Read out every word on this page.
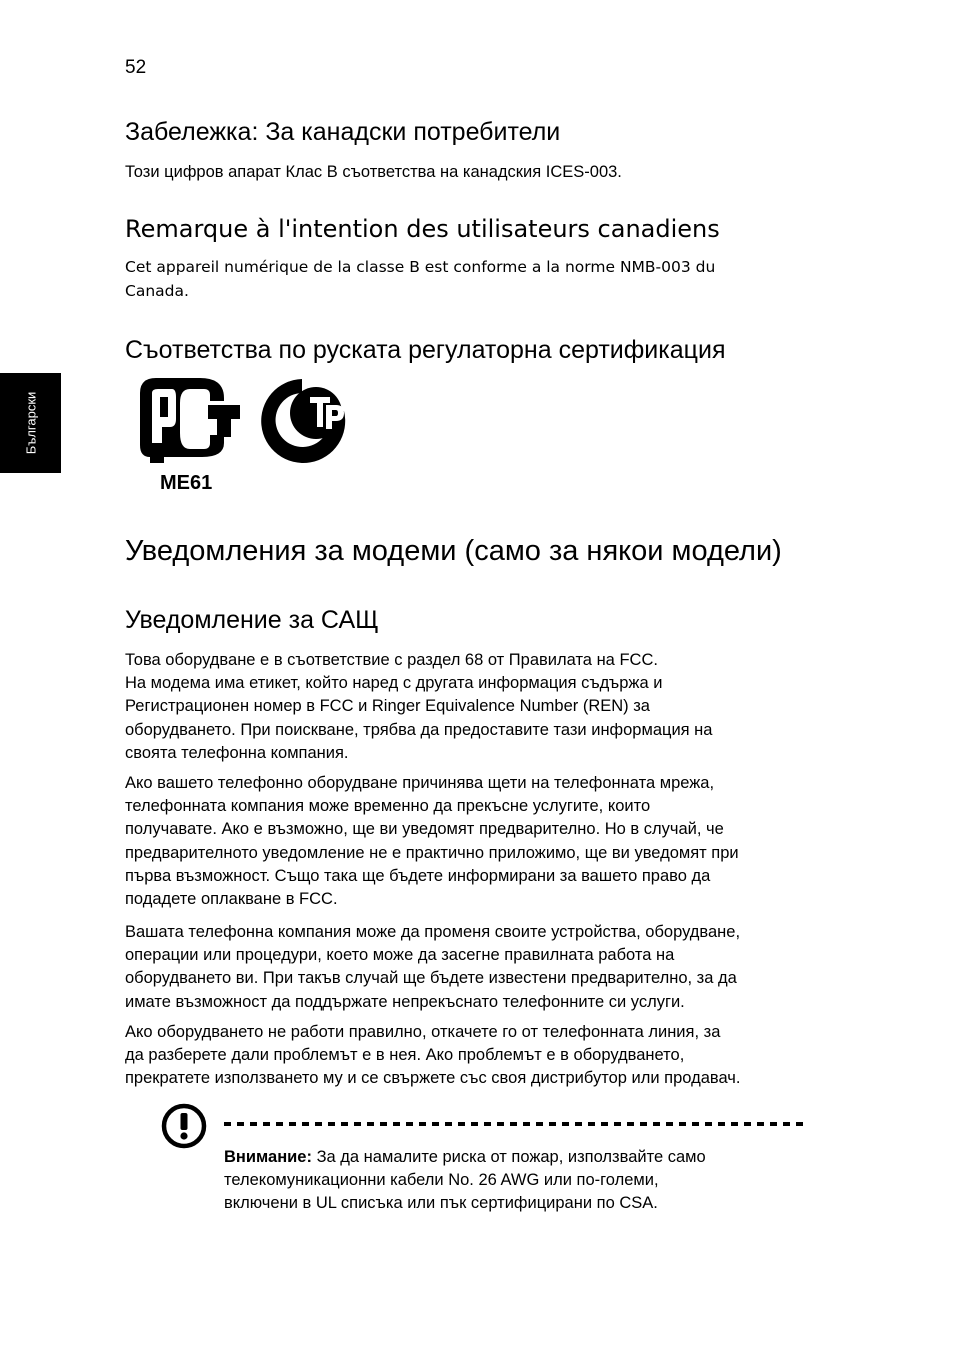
52
Български
Забележка: За канадски потребители

Този цифров апарат Клас B съответства на канадския ICES-003.

Remarque à l'intention des utilisateurs canadiens

Cet appareil numérique de la classe B est conforme a la norme NMB-003 du
Canada.

Съответства по руската регулаторна сертификация
ME61
Уведомления за модеми (само за някои модели)
Уведомление за САЩ

Това оборудване е в съответствие с раздел 68 от Правилата на FCC.
На модема има етикет, който наред с другата информация съдържа и
Регистрационен номер в FCC и Ringer Equivalence Number (REN) за
оборудването. При поискване, трябва да предоставите тази информация на
своята телефонна компания.

Ако вашето телефонно оборудване причинява щети на телефонната мрежа,
телефонната компания може временно да прекъсне услугите, които
получавате. Ако е възможно, ще ви уведомят предварително. Но в случай, че
предварителното уведомление не е практично приложимо, ще ви уведомят при
първа възможност. Също така ще бъдете информирани за вашето право да
подадете оплакване в FCC.

Вашата телефонна компания може да променя своите устройства, оборудване,
операции или процедури, което може да засегне правилната работа на
оборудването ви. При такъв случай ще бъдете известени предварително, за да
имате възможност да поддържате непрекъснато телефонните си услуги.

Ако оборудването не работи правилно, откачете го от телефонната линия, за
да разберете дали проблемът е в нея. Ако проблемът е в оборудването,
прекратете използването му и се свържете със своя дистрибутор или продавач.

Внимание: За да намалите риска от пожар, използвайте само
телекомуникационни кабели No. 26 AWG или по-големи,
включени в UL списъка или пък сертифицирани по CSA.
